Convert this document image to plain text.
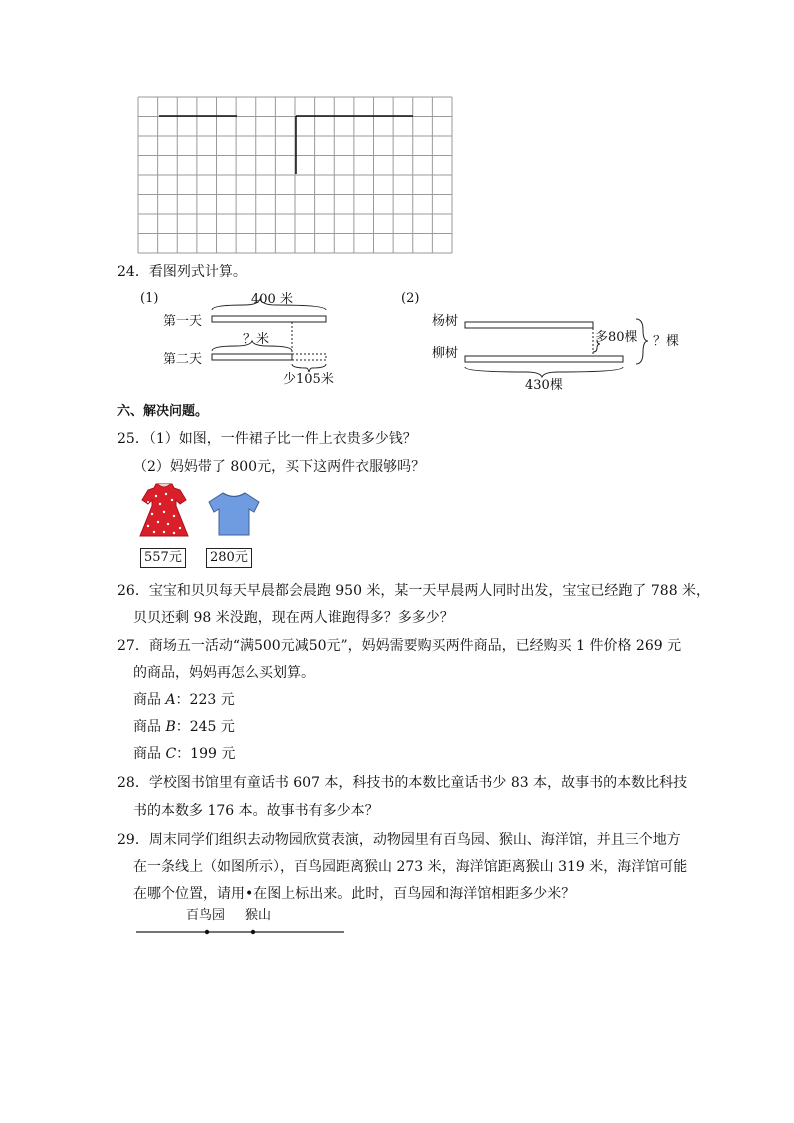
24．看图列式计算。
(1)	(2)
400 米
第一天
？米
第二天
少105米
杨树
多80棵 ？棵
柳树
430棵
六、解决问题。
25．（1）如图，一件裙子比一件上衣贵多少钱？
（2）妈妈带了 800元，买下这两件衣服够吗？
557元	280元
26．宝宝和贝贝每天早晨都会晨跑 950 米，某一天早晨两人同时出发，宝宝已经跑了 788 米，
贝贝还剩 98 米没跑，现在两人谁跑得多？多多少？
27．商场五一活动“满500元减50元”，妈妈需要购买两件商品，已经购买 1 件价格 269 元
的商品，妈妈再怎么买划算。
商品 𝐴：223 元
商品 𝐵：245 元
商品 𝐶：199 元
28．学校图书馆里有童话书 607 本，科技书的本数比童话书少 83 本，故事书的本数比科技
书的本数多 176 本。故事书有多少本？
29．周末同学们组织去动物园欣赏表演，动物园里有百鸟园、猴山、海洋馆，并且三个地方
在一条线上（如图所示），百鸟园距离猴山 273 米，海洋馆距离猴山 319 米，海洋馆可能
在哪个位置，请用•在图上标出来。此时，百鸟园和海洋馆相距多少米？
百鸟园 猴山
